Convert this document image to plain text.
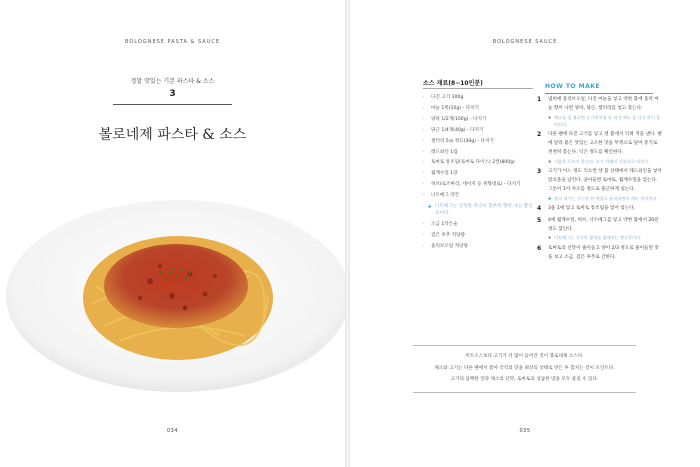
BOLOGNESE PASTA & SAUCE
정말 맛있는 기본 파스타 & 소스
3
볼로네제 파스타 & 소스
034
BOLOGNESE SAUCE
소스 재료(8~10인분)
· 다진 고기 300g
· 마늘 1쪽(10g) - 다지기
· 양파 1/2개(100g) - 다지기
· 당근 1/4개(40g) - 다지기
· 셀러리 5㎝ 정도(30g) - 다지기
· 레드와인 1컵
· 토마토 통조림(토마토 다이스) 2캔(800g)
· 월계수잎 1장
· 허브(로즈마리, 세이지 등 취향대로) - 다지기
· 너트메그 약간
✚ 너트메그는 산뜻한 자극이 풍부한 향이 나는 향신료이다.
· 소금 1작은술
· 검은 후추 적당량
· 올리브오일 적당량
HOW TO MAKE
1 냄비에 올리브오일, 다진 마늘을 넣고 약한 불에 올려 마늘 향이 나면 양파, 당근, 셀러리를 넣고 볶는다.
✚ 채소를 잘 볶으면 농가락처럼 푹 퍼져 색도 잘 나고 맛이 좋아진다.
2 다른 팬에 다진 고기를 넣고 센 불에서 익혀 색을 낸다. 팬에 달라 붙은 맛있는 고소한 맛을 뚜껑으로 덮어 증기로 천천히 볶는다. 익은 정도를 확인한다.
✚ 기름은 두르지 않는다. 고기 자체의 기름으로 익힌다.
3 고기가 어느 정도 익으면 센 불 상태에서 레드와인을 넣어 알코올을 날린다. 졸아들면 토마토, 월계수잎을 넣는다. 그릇이 1이 차오를 정도로 뭉근하게 섞는다.
✚ 불의 세기는 가능한 한 약불로 유지하면서 계속 섞어준다.
4 3을 1에 넣고 토마토 통조림을 넣어 섞는다.
5 4에 월계수잎, 허브, 너트메그를 넣고 약한 불에서 20분 정도 끓인다.
✚ 너트메그는 고기의 잡내를 없애주는 향신료이다.
6 토마토의 신맛이 줄어들고 양이 2/3 정도로 줄어들면 맛을 보고 소금, 검은 후추로 간한다.
미트소스보다 고기가 더 많이 들어간 것이 볼로네제 소스다.
채소와 고기는 다른 팬에서 볶아 각각의 맛을 최상의 상태로 만든 후 합치는 것이 포인트다.
고기의 담백한 맛과 채소의 단맛, 토마토의 상큼한 맛을 모두 즐길 수 있다.
035
